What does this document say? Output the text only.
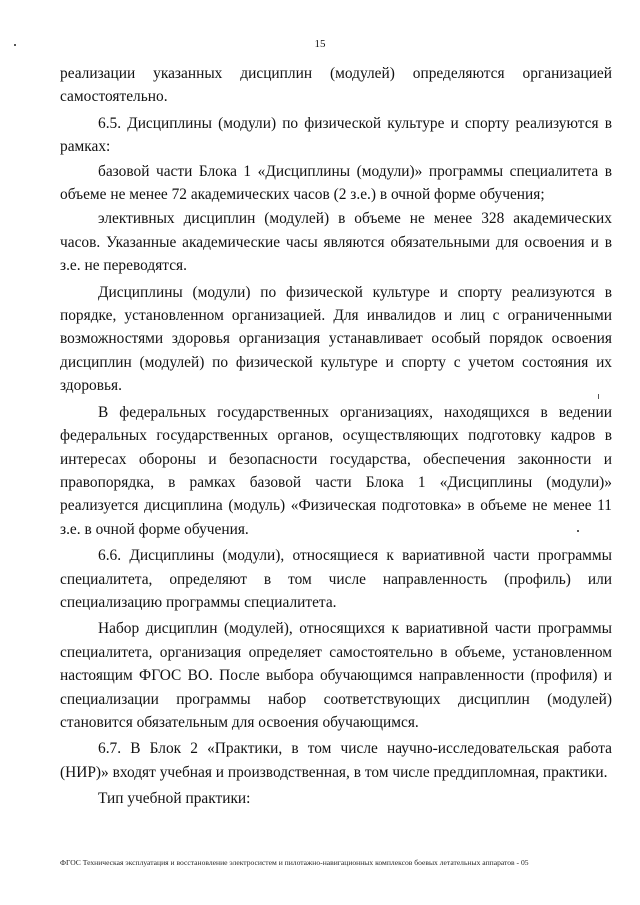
15

реализации указанных дисциплин (модулей) определяются организацией самостоятельно.

6.5. Дисциплины (модули) по физической культуре и спорту реализуются в рамках:

базовой части Блока 1 «Дисциплины (модули)» программы специалитета в объеме не менее 72 академических часов (2 з.е.) в очной форме обучения;

элективных дисциплин (модулей) в объеме не менее 328 академических часов. Указанные академические часы являются обязательными для освоения и в з.е. не переводятся.

Дисциплины (модули) по физической культуре и спорту реализуются в порядке, установленном организацией. Для инвалидов и лиц с ограниченными возможностями здоровья организация устанавливает особый порядок освоения дисциплин (модулей) по физической культуре и спорту с учетом состояния их здоровья.

В федеральных государственных организациях, находящихся в ведении федеральных государственных органов, осуществляющих подготовку кадров в интересах обороны и безопасности государства, обеспечения законности и правопорядка, в рамках базовой части Блока 1 «Дисциплины (модули)» реализуется дисциплина (модуль) «Физическая подготовка» в объеме не менее 11 з.е. в очной форме обучения.

6.6. Дисциплины (модули), относящиеся к вариативной части программы специалитета, определяют в том числе направленность (профиль) или специализацию программы специалитета.

Набор дисциплин (модулей), относящихся к вариативной части программы специалитета, организация определяет самостоятельно в объеме, установленном настоящим ФГОС ВО. После выбора обучающимся направленности (профиля) и специализации программы набор соответствующих дисциплин (модулей) становится обязательным для освоения обучающимся.

6.7. В Блок 2 «Практики, в том числе научно-исследовательская работа (НИР)» входят учебная и производственная, в том числе преддипломная, практики.

Тип учебной практики:

ФГОС Техническая эксплуатация и восстановление электросистем и пилотажно-навигационных комплексов боевых летательных аппаратов - 05
